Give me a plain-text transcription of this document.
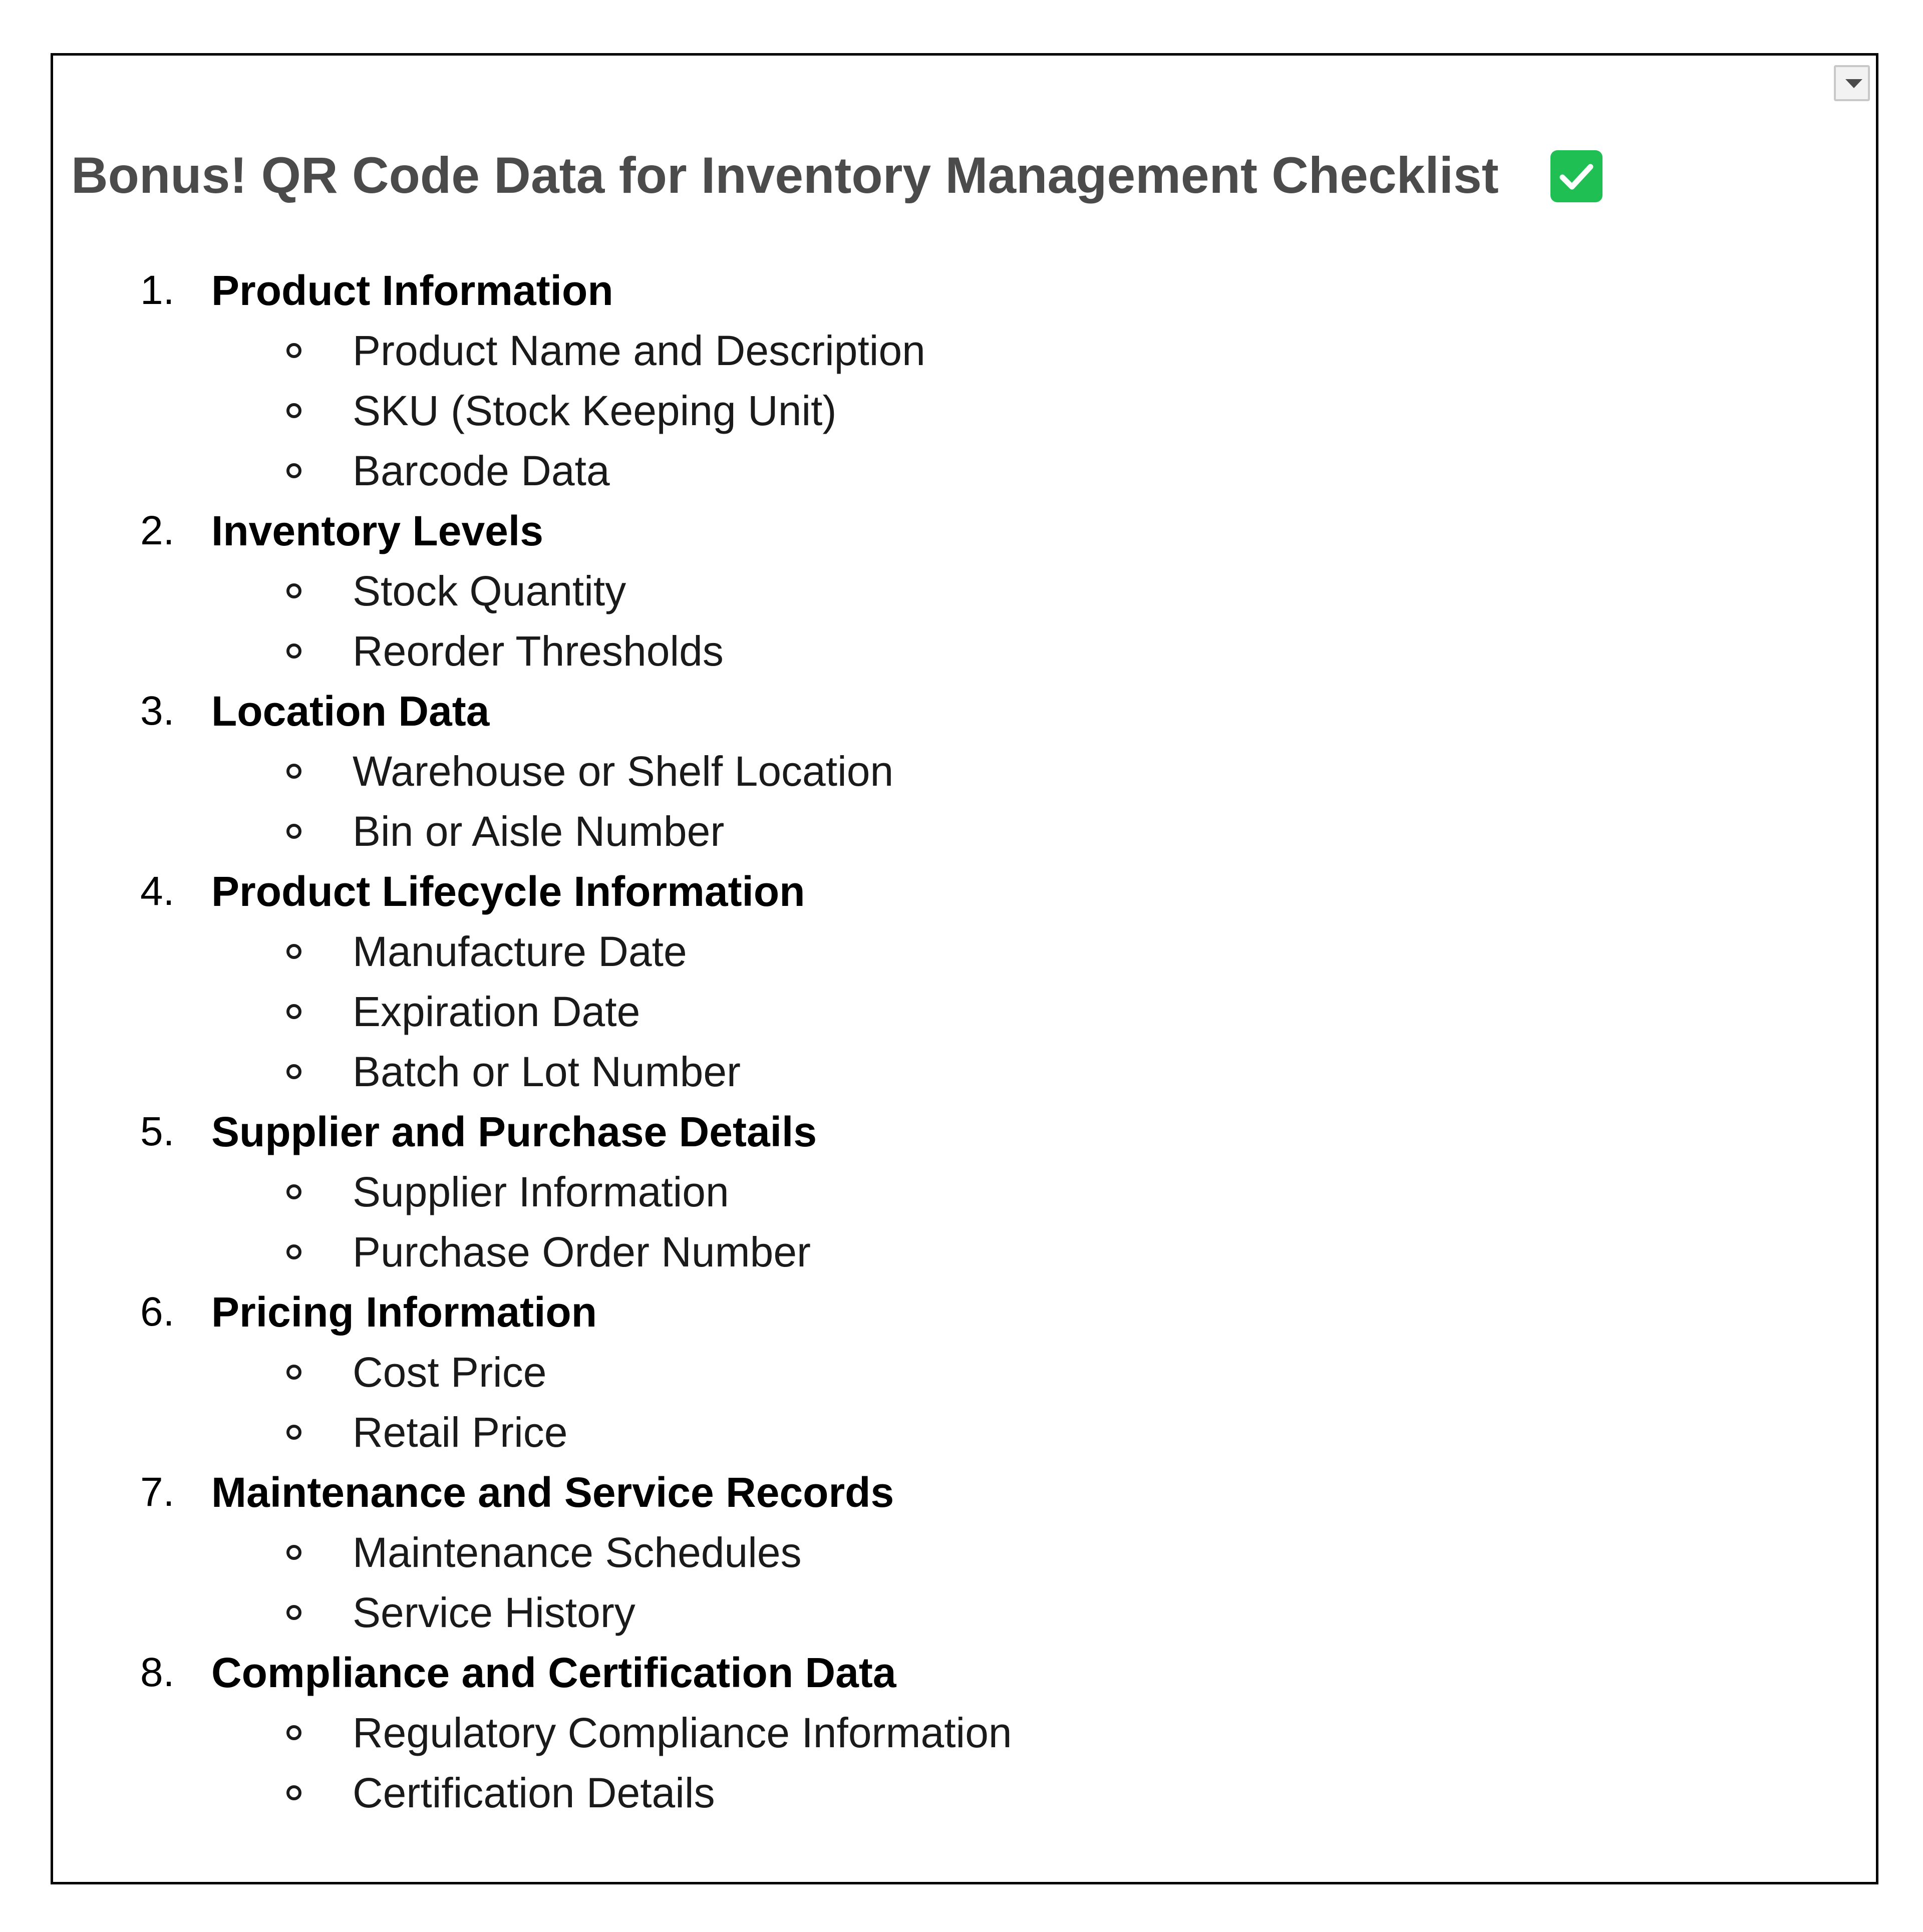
Bonus! QR Code Data for Inventory Management Checklist
1. Product Information
Product Name and Description
SKU (Stock Keeping Unit)
Barcode Data
2. Inventory Levels
Stock Quantity
Reorder Thresholds
3. Location Data
Warehouse or Shelf Location
Bin or Aisle Number
4. Product Lifecycle Information
Manufacture Date
Expiration Date
Batch or Lot Number
5. Supplier and Purchase Details
Supplier Information
Purchase Order Number
6. Pricing Information
Cost Price
Retail Price
7. Maintenance and Service Records
Maintenance Schedules
Service History
8. Compliance and Certification Data
Regulatory Compliance Information
Certification Details
